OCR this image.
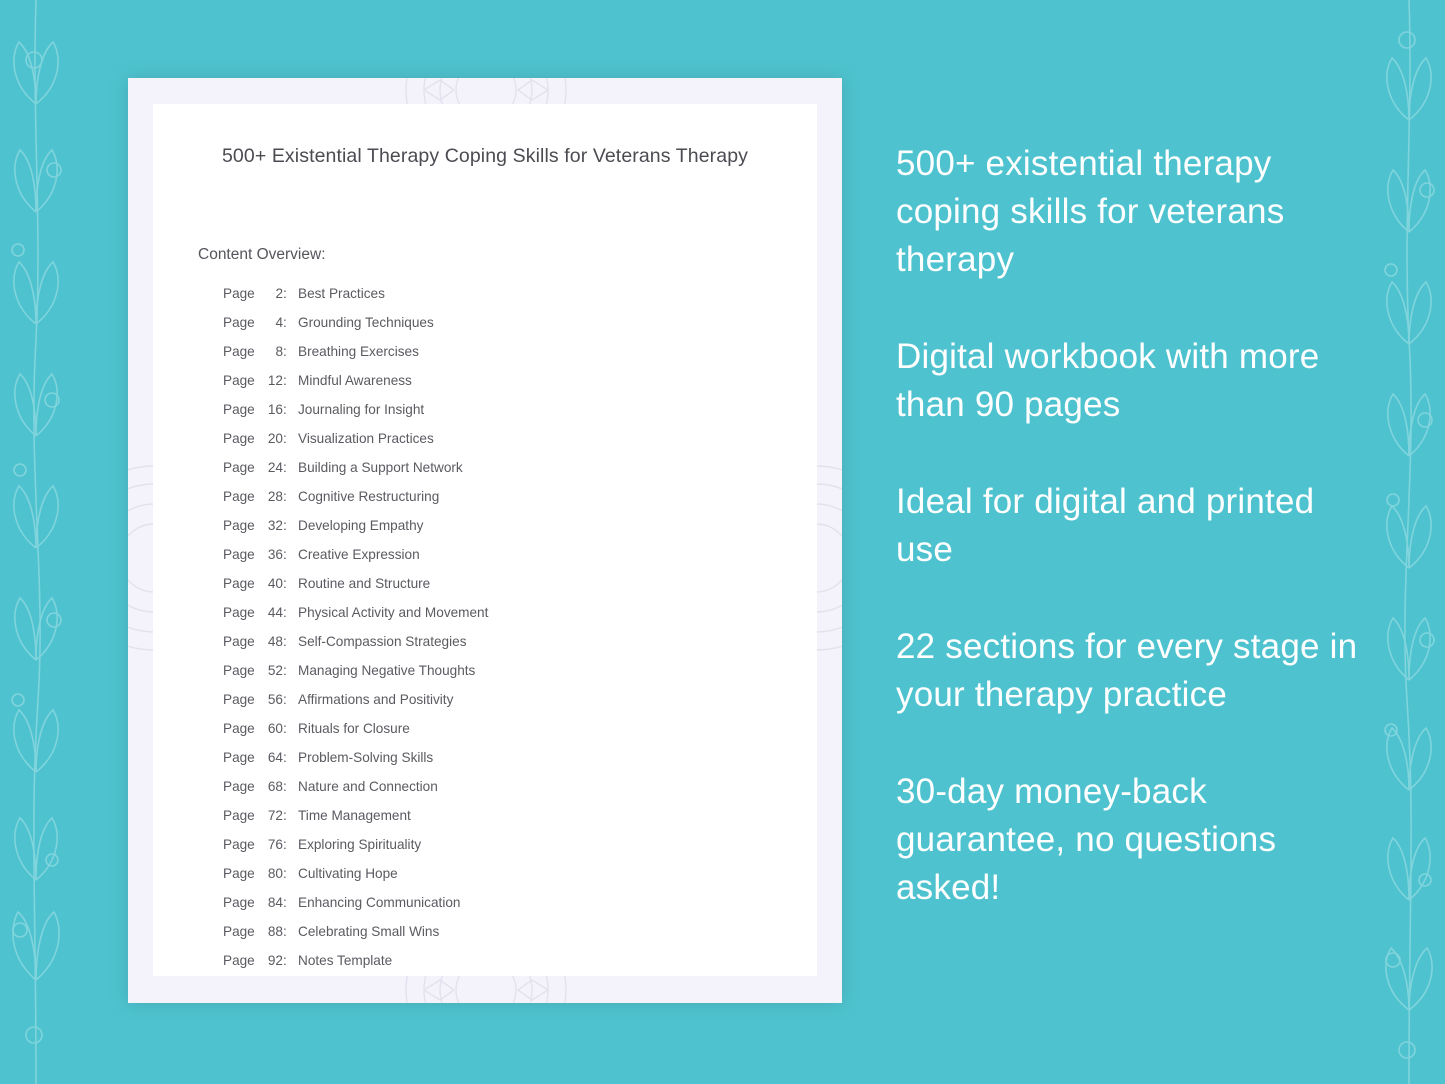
500+ Existential Therapy Coping Skills for Veterans Therapy
Content Overview:
Page	2 : Best Practices
Page	4 : Grounding Techniques
Page	8 : Breathing Exercises
Page 12 : Mindful Awareness
Page 16 : Journaling for Insight
Page 20 : Visualization Practices
Page 24 : Building a Support Network
Page 28 : Cognitive Restructuring
Page 32 : Developing Empathy
Page 36 : Creative Expression
Page 40 : Routine and Structure
Page 44 : Physical Activity and Movement
Page 48 : Self-Compassion Strategies
Page 52 : Managing Negative Thoughts
Page 56 : Affirmations and Positivity
Page 60 : Rituals for Closure
Page 64 : Problem-Solving Skills
Page 68 : Nature and Connection
Page 72 : Time Management
Page 76 : Exploring Spirituality
Page 80 : Cultivating Hope
Page 84 : Enhancing Communication
Page 88 : Celebrating Small Wins
Page 92 : Notes Template

500+ existential therapy coping skills for veterans therapy

Digital workbook with more than 90 pages

Ideal for digital and printed use

22 sections for every stage in your therapy practice

30-day money-back guarantee, no questions asked!
